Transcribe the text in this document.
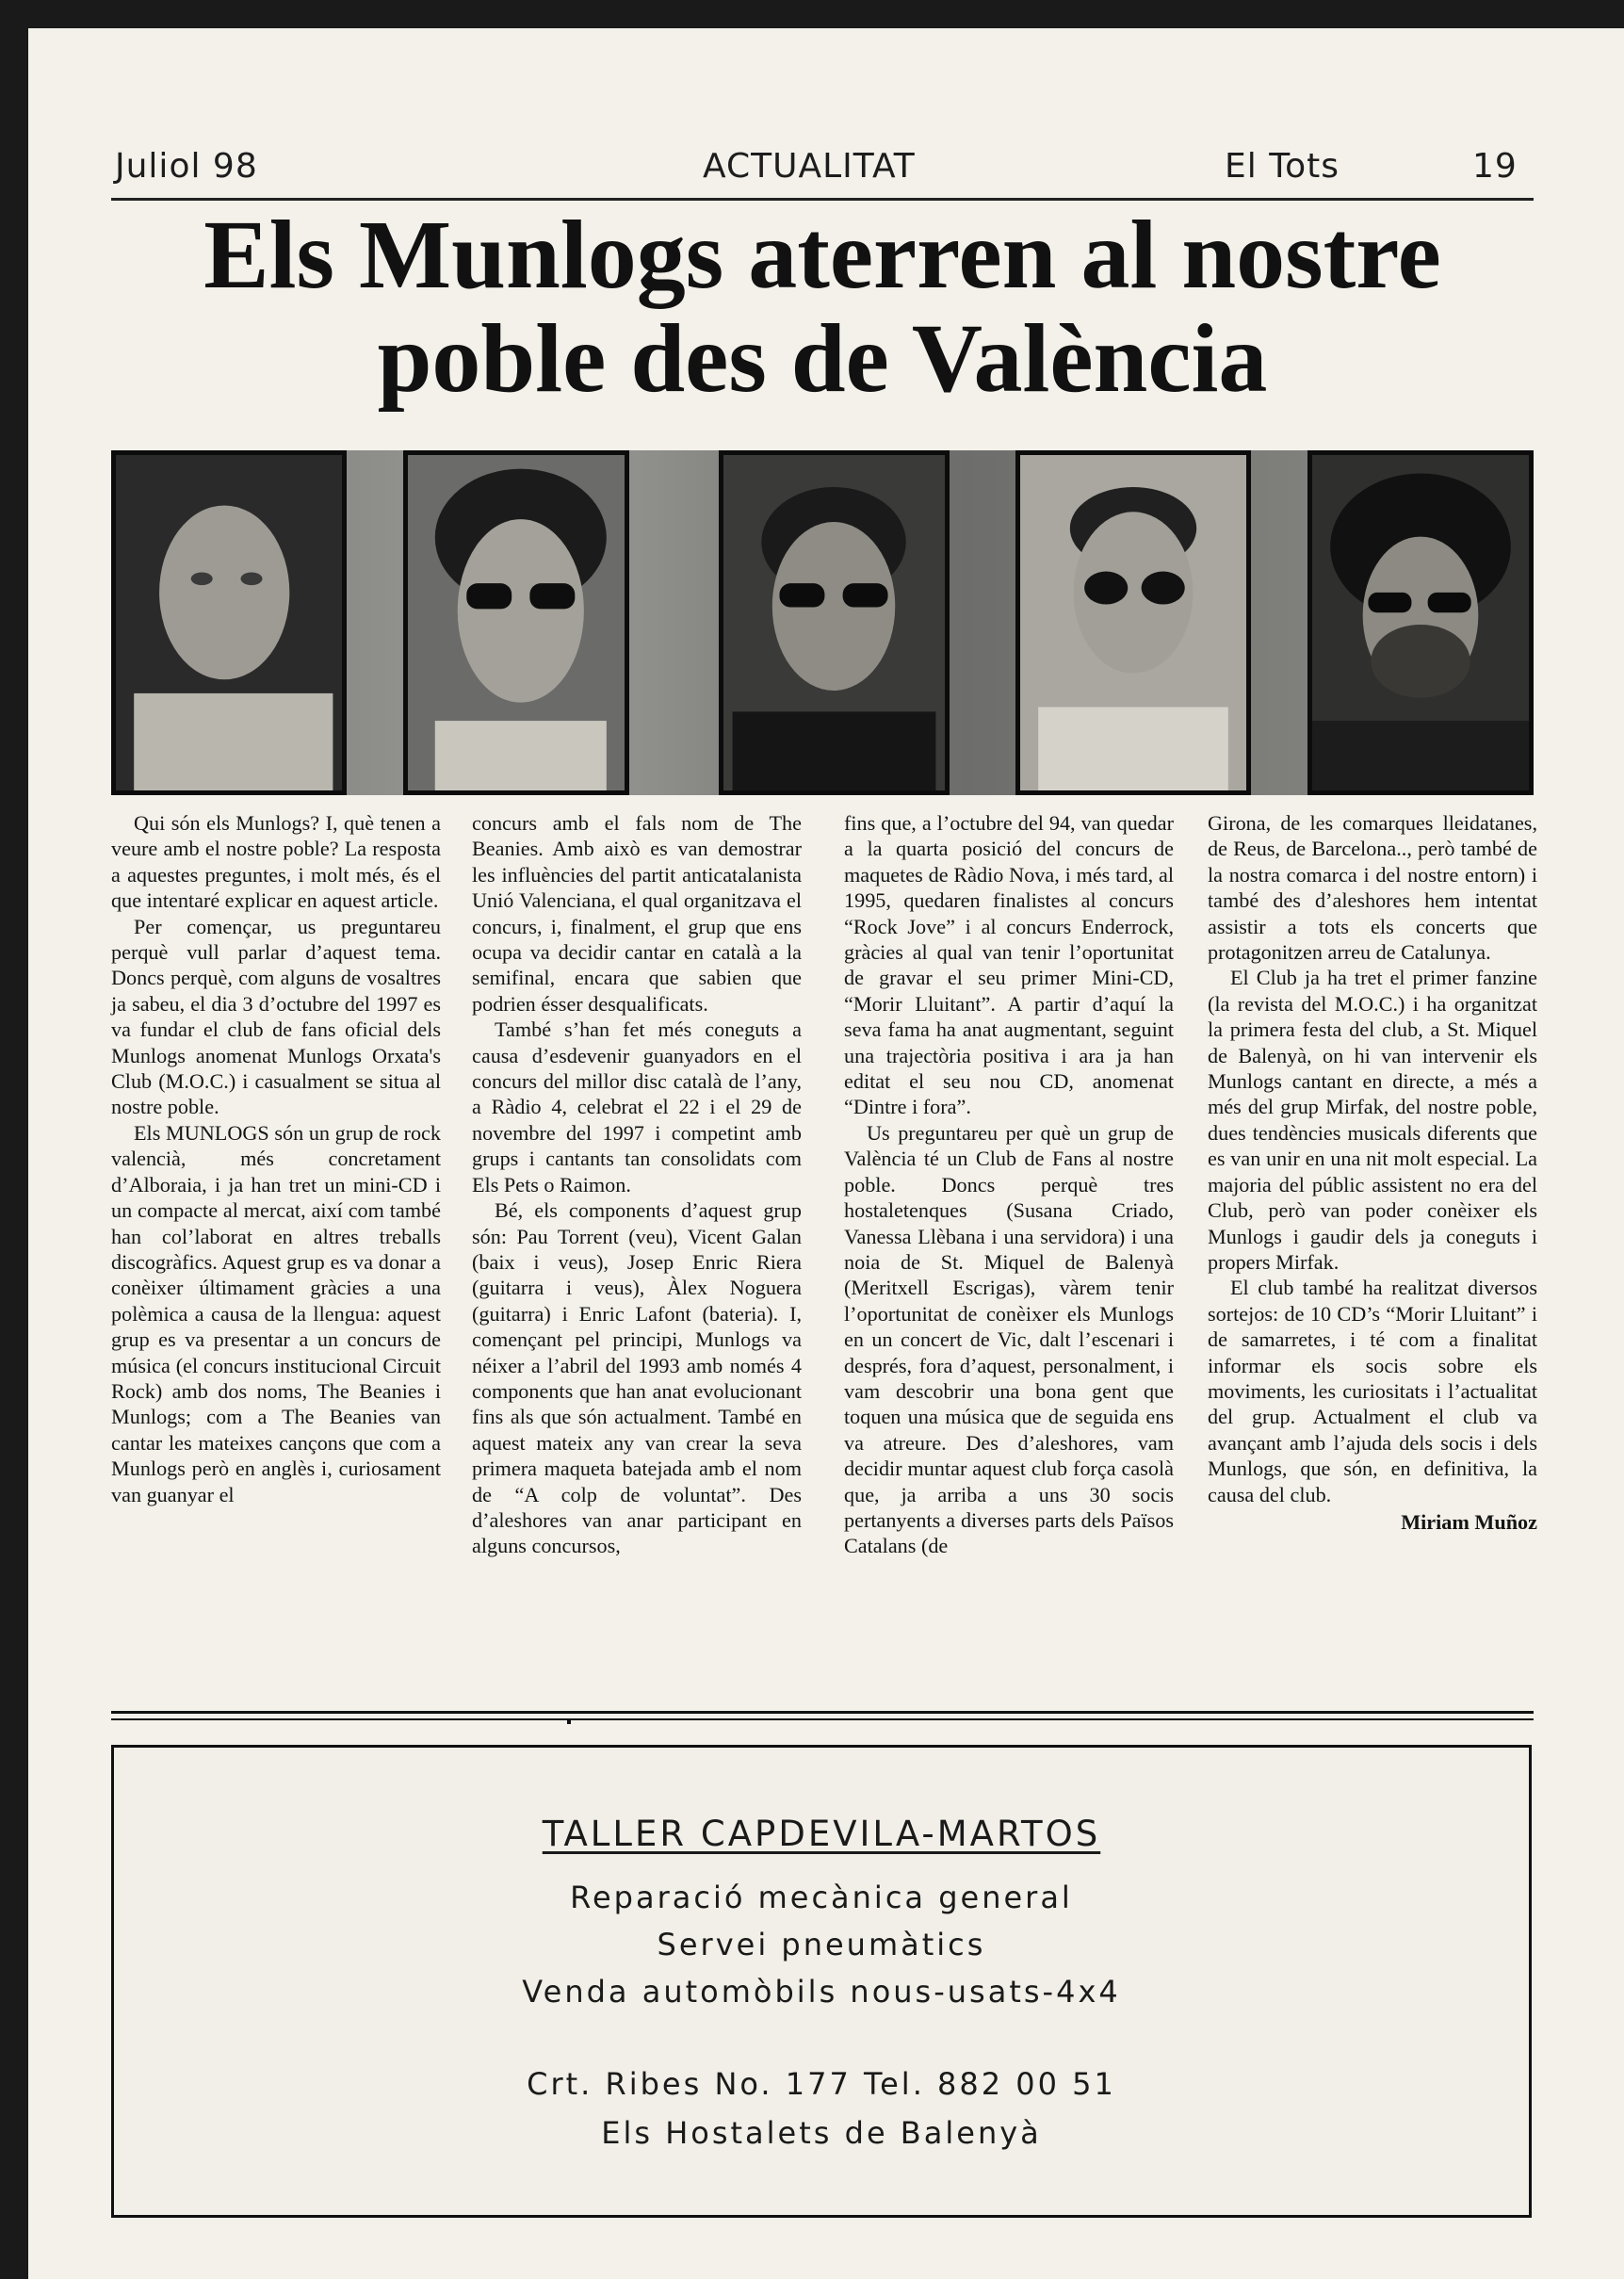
Juliol 98	ACTUALITAT	El Tots	19
Els Munlogs aterren al nostre
poble des de València

Qui són els Munlogs? I, què tenen a veure amb el nostre poble? La resposta a aquestes preguntes, i molt més, és el que intentaré explicar en aquest article.

Per començar, us preguntareu perquè vull parlar d’aquest tema. Doncs perquè, com alguns de vosaltres ja sabeu, el dia 3 d’octubre del 1997 es va fundar el club de fans oficial dels Munlogs anomenat Munlogs Orxata's Club (M.O.C.) i casualment se situa al nostre poble.

Els MUNLOGS són un grup de rock valencià, més concretament d’Alboraia, i ja han tret un mini-CD i un compacte al mercat, així com també han col’laborat en altres treballs discogràfics. Aquest grup es va donar a conèixer últimament gràcies a una polèmica a causa de la llengua: aquest grup es va presentar a un concurs de música (el concurs institucional Circuit Rock) amb dos noms, The Beanies i Munlogs; com a The Beanies van cantar les mateixes cançons que com a Munlogs però en anglès i, curiosament van guanyar el

concurs amb el fals nom de The Beanies. Amb això es van demostrar les influències del partit anticatalanista Unió Valenciana, el qual organitzava el concurs, i, finalment, el grup que ens ocupa va decidir cantar en català a la semifinal, encara que sabien que podrien ésser desqualificats.

També s’han fet més coneguts a causa d’esdevenir guanyadors en el concurs del millor disc català de l’any, a Ràdio 4, celebrat el 22 i el 29 de novembre del 1997 i competint amb grups i cantants tan consolidats com Els Pets o Raimon.

Bé, els components d’aquest grup són: Pau Torrent (veu), Vicent Galan (baix i veus), Josep Enric Riera (guitarra i veus), Àlex Noguera (guitarra) i Enric Lafont (bateria). I, començant pel principi, Munlogs va néixer a l’abril del 1993 amb només 4 components que han anat evolucionant fins als que són actualment. També en aquest mateix any van crear la seva primera maqueta batejada amb el nom de “A colp de voluntat”. Des d’aleshores van anar participant en alguns concursos,

fins que, a l’octubre del 94, van quedar a la quarta posició del concurs de maquetes de Ràdio Nova, i més tard, al 1995, quedaren finalistes al concurs “Rock Jove” i al concurs Enderrock, gràcies al qual van tenir l’oportunitat de gravar el seu primer Mini-CD, “Morir Lluitant”. A partir d’aquí la seva fama ha anat augmentant, seguint una trajectòria positiva i ara ja han editat el seu nou CD, anomenat “Dintre i fora”.

Us preguntareu per què un grup de València té un Club de Fans al nostre poble. Doncs perquè tres hostaletenques (Susana Criado, Vanessa Llèbana i una servidora) i una noia de St. Miquel de Balenyà (Meritxell Escrigas), vàrem tenir l’oportunitat de conèixer els Munlogs en un concert de Vic, dalt l’escenari i després, fora d’aquest, personalment, i vam descobrir una bona gent que toquen una música que de seguida ens va atreure. Des d’aleshores, vam decidir muntar aquest club força casolà que, ja arriba a uns 30 socis pertanyents a diverses parts dels Països Catalans (de

Girona, de les comarques lleidatanes, de Reus, de Barcelona.., però també de la nostra comarca i del nostre entorn) i també des d’aleshores hem intentat assistir a tots els concerts que protagonitzen arreu de Catalunya.

El Club ja ha tret el primer fanzine (la revista del M.O.C.) i ha organitzat la primera festa del club, a St. Miquel de Balenyà, on hi van intervenir els Munlogs cantant en directe, a més a més del grup Mirfak, del nostre poble, dues tendències musicals diferents que es van unir en una nit molt especial. La majoria del públic assistent no era del Club, però van poder conèixer els Munlogs i gaudir dels ja coneguts i propers Mirfak.

El club també ha realitzat diversos sortejos: de 10 CD’s “Morir Lluitant” i de samarretes, i té com a finalitat informar els socis sobre els moviments, les curiositats i l’actualitat del grup. Actualment el club va avançant amb l’ajuda dels socis i dels Munlogs, que són, en definitiva, la causa del club.

Miriam Muñoz
TALLER CAPDEVILA-MARTOS
Reparació mecànica general
Servei pneumàtics
Venda automòbils nous-usats-4x4
Crt. Ribes No. 177 Tel. 882 00 51
Els Hostalets de Balenyà
